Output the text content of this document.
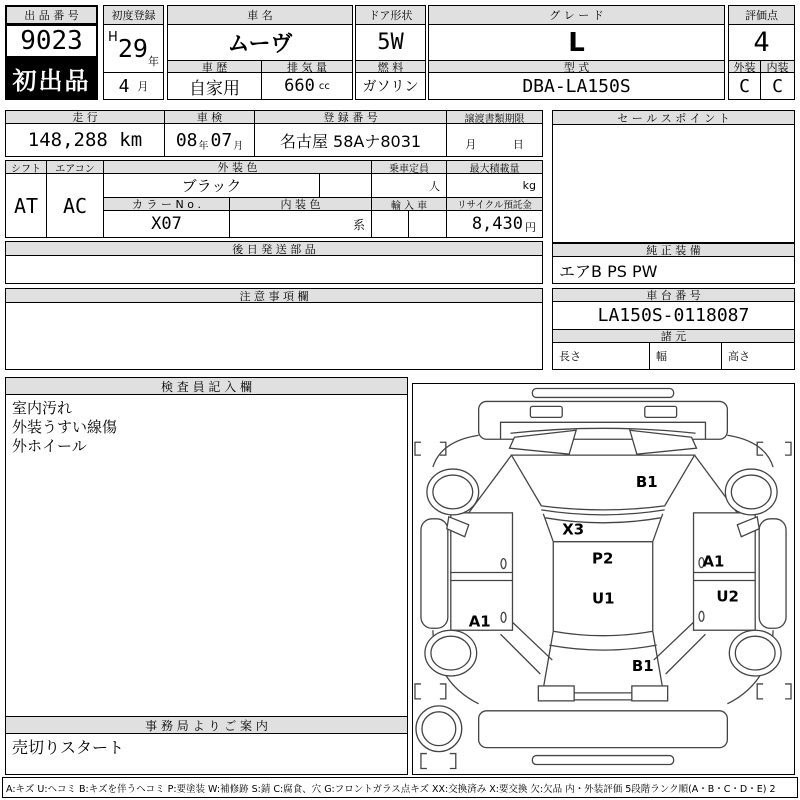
出 品 番 号
9023
初出品
初度登録
H 29 年
4 月
車 名
ムーヴ
車 歴
自家用
排 気 量
660 cc
ドア形状
5W
燃 料
ガソリン
グ レ ー ド
L
型 式
DBA-LA150S
評価点
4
外装	内装
C	C
走 行
148,288 km
車 検
08 年 07 月
登 録 番 号
名古屋 58Aナ8031
譲渡書類期限
月	日
シフト	エアコン
AT	AC
外 装 色
ブラック
乗車定員
人
最大積載量
kg
カ ラ ー N o .
X07
内 装 色
系
輸 入 車	リサイクル預託金
8,430 円
後 日 発 送 部 品
セ ー ル ス ポ イ ン ト
純 正 装 備
エアB PS PW
注 意 事 項 欄	車 台 番 号
LA150S-0118087
諸 元
長さ	幅	高さ
検 査 員 記 入 欄
室内汚れ
外装うすい線傷
外ホイール
事 務 局 よ り ご 案 内
売切りスタート
B1
X3
P2	A1
U1	U2
A1
B1
A:キズ U:ヘコミ B:キズを伴うヘコミ P:要塗装 W:補修跡 S:錆 C:腐食、穴 G:フロントガラス点キズ XX:交換済み X:要交換 欠:欠品 内・外装評価 5段階ランク順(A・B・C・D・E) 2
